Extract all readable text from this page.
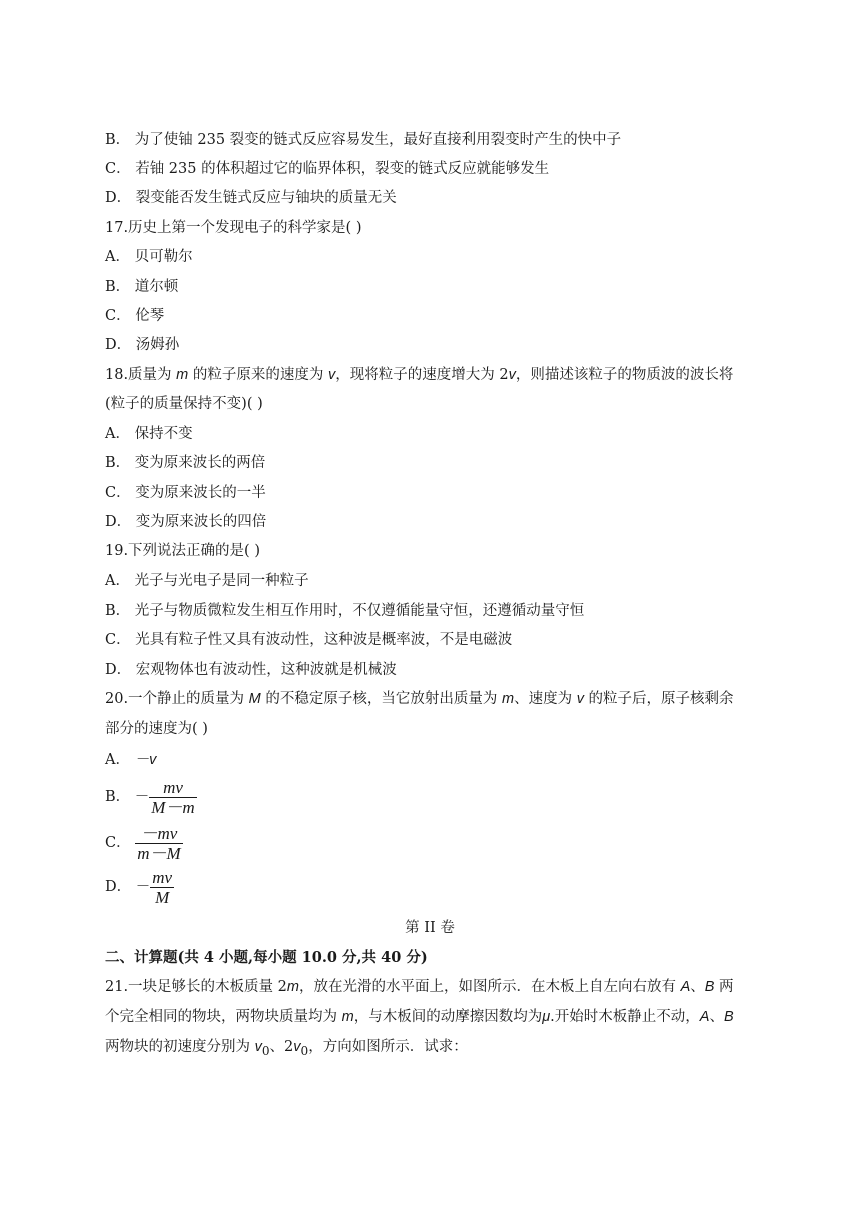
B． 为了使铀 235 裂变的链式反应容易发生，最好直接利用裂变时产生的快中子
C． 若铀 235 的体积超过它的临界体积，裂变的链式反应就能够发生
D． 裂变能否发生链式反应与铀块的质量无关
17.历史上第一个发现电子的科学家是( )
A． 贝可勒尔
B． 道尔顿
C． 伦琴
D． 汤姆孙
18.质量为 m 的粒子原来的速度为 v，现将粒子的速度增大为 2v，则描述该粒子的物质波的波长将
(粒子的质量保持不变)( )
A． 保持不变
B． 变为原来波长的两倍
C． 变为原来波长的一半
D． 变为原来波长的四倍
19.下列说法正确的是( )
A． 光子与光电子是同一种粒子
B． 光子与物质微粒发生相互作用时，不仅遵循能量守恒，还遵循动量守恒
C． 光具有粒子性又具有波动性，这种波是概率波，不是电磁波
D． 宏观物体也有波动性，这种波就是机械波
20.一个静止的质量为 M 的不稳定原子核，当它放射出质量为 m、速度为 v 的粒子后，原子核剩余
部分的速度为( )
A． －v
B． － $\frac{mv}{M-m}$
C． $\frac{-mv}{m-M}$
D． － $\frac{mv}{M}$
第 II 卷
二、计算题(共 4 小题,每小题 10.0 分,共 40 分)
21.一块足够长的木板质量 2m，放在光滑的水平面上，如图所示．在木板上自左向右放有 A、B 两
个完全相同的物块，两物块质量均为 m，与木板间的动摩擦因数均为μ.开始时木板静止不动，A、B
两物块的初速度分别为 $v_0$、$2v_0$，方向如图所示．试求：
